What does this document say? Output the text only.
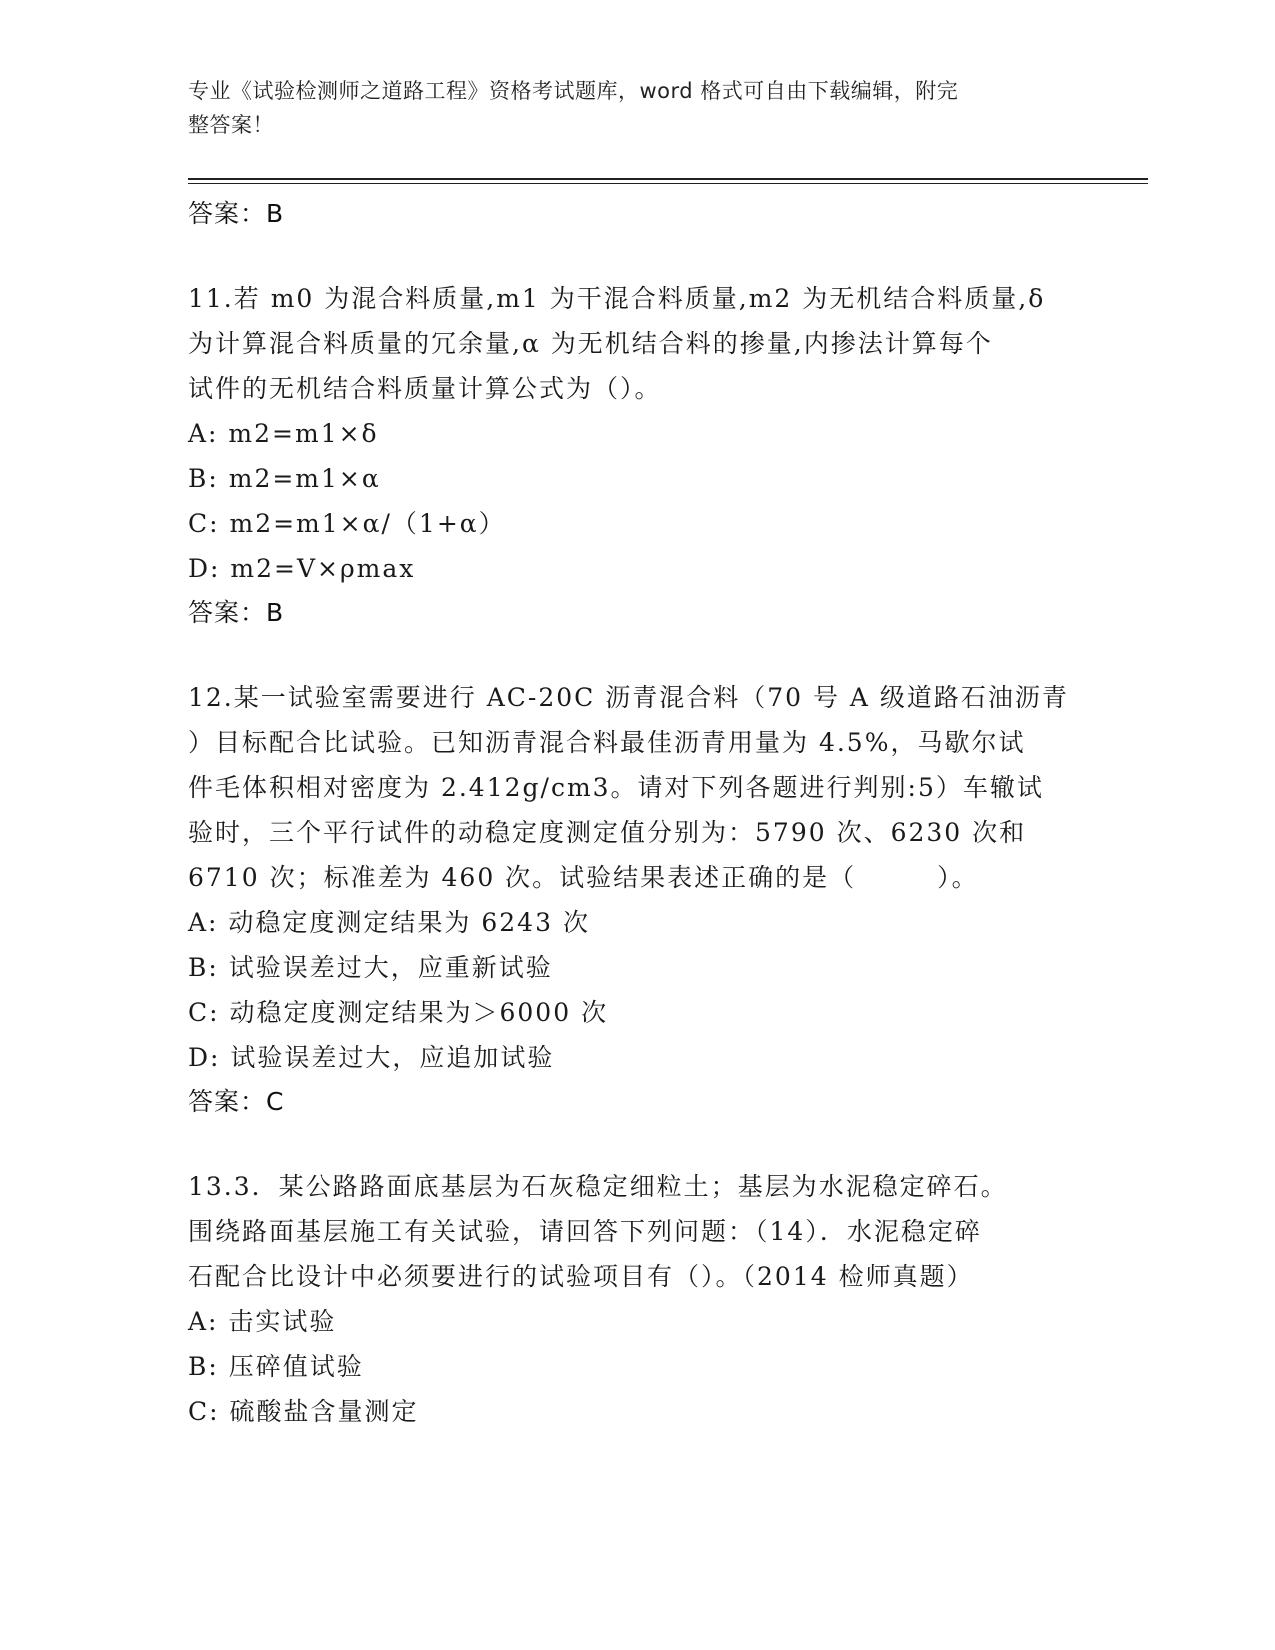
专业《试验检测师之道路工程》资格考试题库，word 格式可自由下载编辑，附完
整答案！

答案：B

11.若 m0 为混合料质量,m1 为干混合料质量,m2 为无机结合料质量,δ

为计算混合料质量的冗余量,α 为无机结合料的掺量,内掺法计算每个

试件的无机结合料质量计算公式为（）。

A: m2=m1×δ

B: m2=m1×α

C: m2=m1×α/（1+α）

D: m2=V×ρmax

答案：B

12.某一试验室需要进行 AC-20C 沥青混合料（70 号 A 级道路石油沥青

）目标配合比试验。已知沥青混合料最佳沥青用量为 4.5%，马歇尔试

件毛体积相对密度为 2.412g/cm3。请对下列各题进行判别:5）车辙试

验时，三个平行试件的动稳定度测定值分别为：5790 次、6230 次和

6710 次；标准差为 460 次。试验结果表述正确的是（　　　）。

A: 动稳定度测定结果为 6243 次

B: 试验误差过大，应重新试验

C: 动稳定度测定结果为＞6000 次

D: 试验误差过大，应追加试验

答案：C

13.3．某公路路面底基层为石灰稳定细粒土；基层为水泥稳定碎石。

围绕路面基层施工有关试验，请回答下列问题：（14）．水泥稳定碎

石配合比设计中必须要进行的试验项目有（）。（2014 检师真题）

A: 击实试验

B: 压碎值试验

C: 硫酸盐含量测定
